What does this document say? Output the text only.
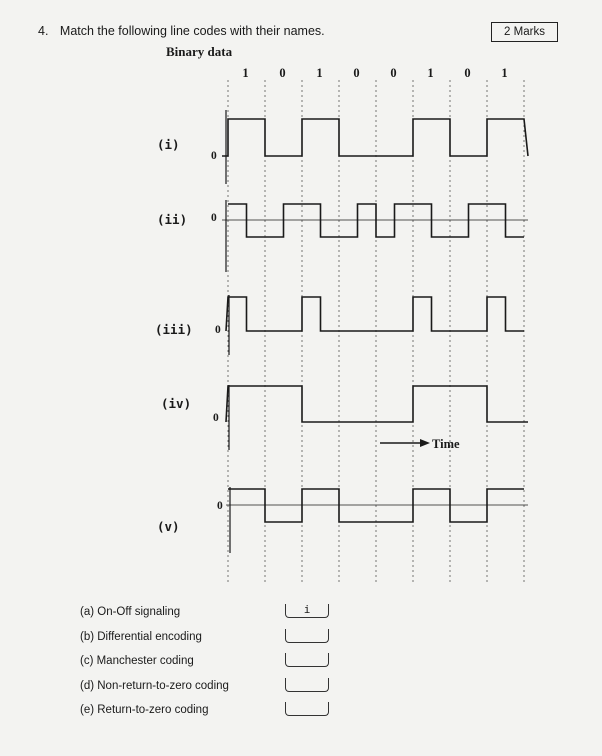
4. Match the following line codes with their names.	2 Marks
Binary data
1	0	1	0	0	1	0	1
(i)
(ii)
(iii)
(iv)
(v)
0
0
0
0
0
Time
(a) On-Off signaling	i
(b) Differential encoding
(c) Manchester coding
(d) Non-return-to-zero coding
(e) Return-to-zero coding
